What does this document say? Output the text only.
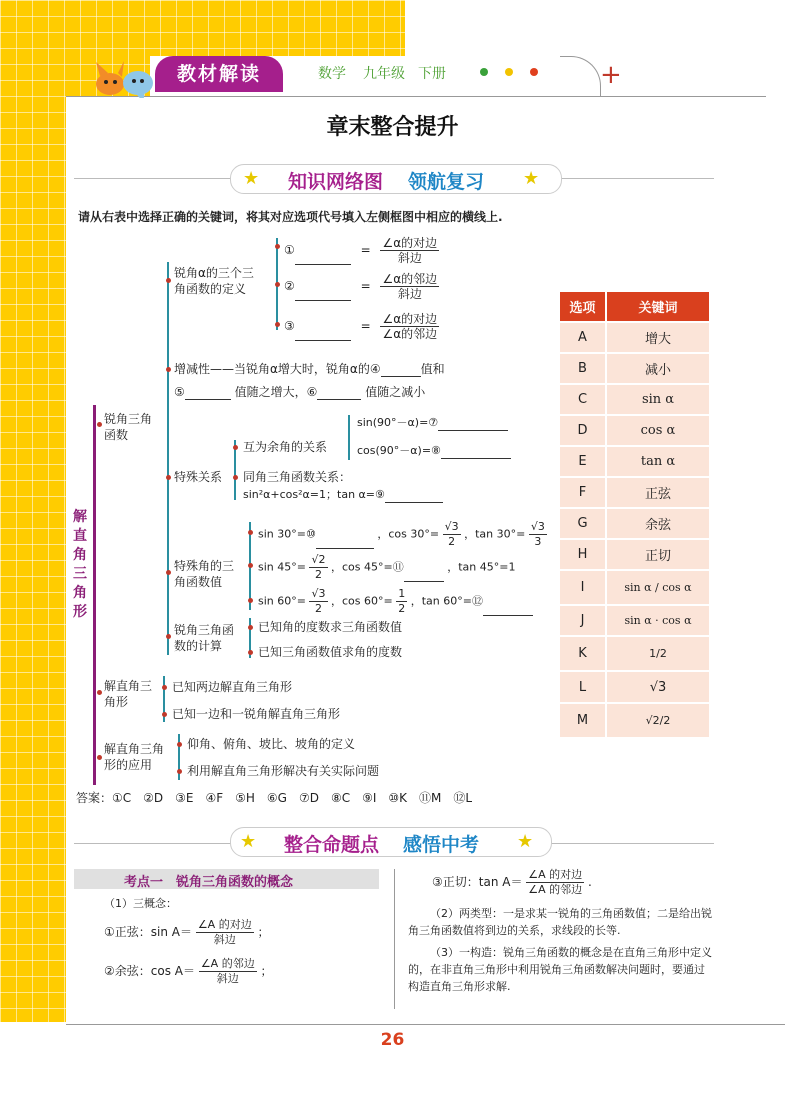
教材解读	数学 九年级 下册	+
章末整合提升
★	★
知识网络图 领航复习
请从右表中选择正确的关键词，将其对应选项代号填入左侧框图中相应的横线上.
解
直
角
三
角
形
锐角三角
函数
锐角α的三个三
角函数的定义
①	= $\frac{\text{∠α的对边}}{\text{斜边}}$
②	= $\frac{\text{∠α的邻边}}{\text{斜边}}$
③	= $\frac{\text{∠α的对边}}{\text{∠α的邻边}}$
增减性——当锐角α增大时，锐角α的④	值和
⑤	值随之增大，⑥	值随之减小
特殊关系
互为余角的关系
sin(90°－α)=⑦
cos(90°－α)=⑧
同角三角函数关系：
sin²α+cos²α=1；tan α=⑨
特殊角的三
角函数值
sin 30°=⑩	，$\cos 30^\circ= \frac{√3}{2}$ ，$\tan 30^\circ= \frac{√3}{3}$
$\sin 45^\circ= \frac{√2}{2}$ ，cos 45°=⑪	，tan 45°=1
$\sin 60^\circ= \frac{√3}{2}$ ，$\cos 60^\circ= \frac{1}{2}$ ，tan 60°=⑫
锐角三角函
数的计算
已知角的度数求三角函数值
已知三角函数值求角的度数
解直角三
角形
已知两边解直角三角形
已知一边和一锐角解直角三角形
解直角三角
形的应用
仰角、俯角、坡比、坡角的定义
利用解直角三角形解决有关实际问题
选项	关键词
A	增大
B	减小
C	sin α
D	cos α
E	tan α
F	正弦
G	余弦
H	正切
I	sin α / cos α
J	sin α · cos α
K	1/2
L	√3
M	√2/2
答案：①C　②D　③E　④F　⑤H　⑥G　⑦D　⑧C　⑨I　⑩K　⑪M　⑫L
★	★
整合命题点 感悟中考
考点一　锐角三角函数的概念
（1）三概念：
①正弦：$\sin A= \frac{\text{∠A 的对边}}{\text{斜边}}$ ；
②余弦：$\cos A= \frac{\text{∠A 的邻边}}{\text{斜边}}$ ；
③正切：$\tan A= \frac{\text{∠A 的对边}}{\text{∠A 的邻边}}$ .
（2）两类型：一是求某一锐角的三角函数值；二是给出锐角三角函数值将到边的关系，求线段的长等.
（3）一构造：锐角三角函数的概念是在直角三角形中定义的，在非直角三角形中利用锐角三角函数解决问题时，要通过构造直角三角形求解.
26
